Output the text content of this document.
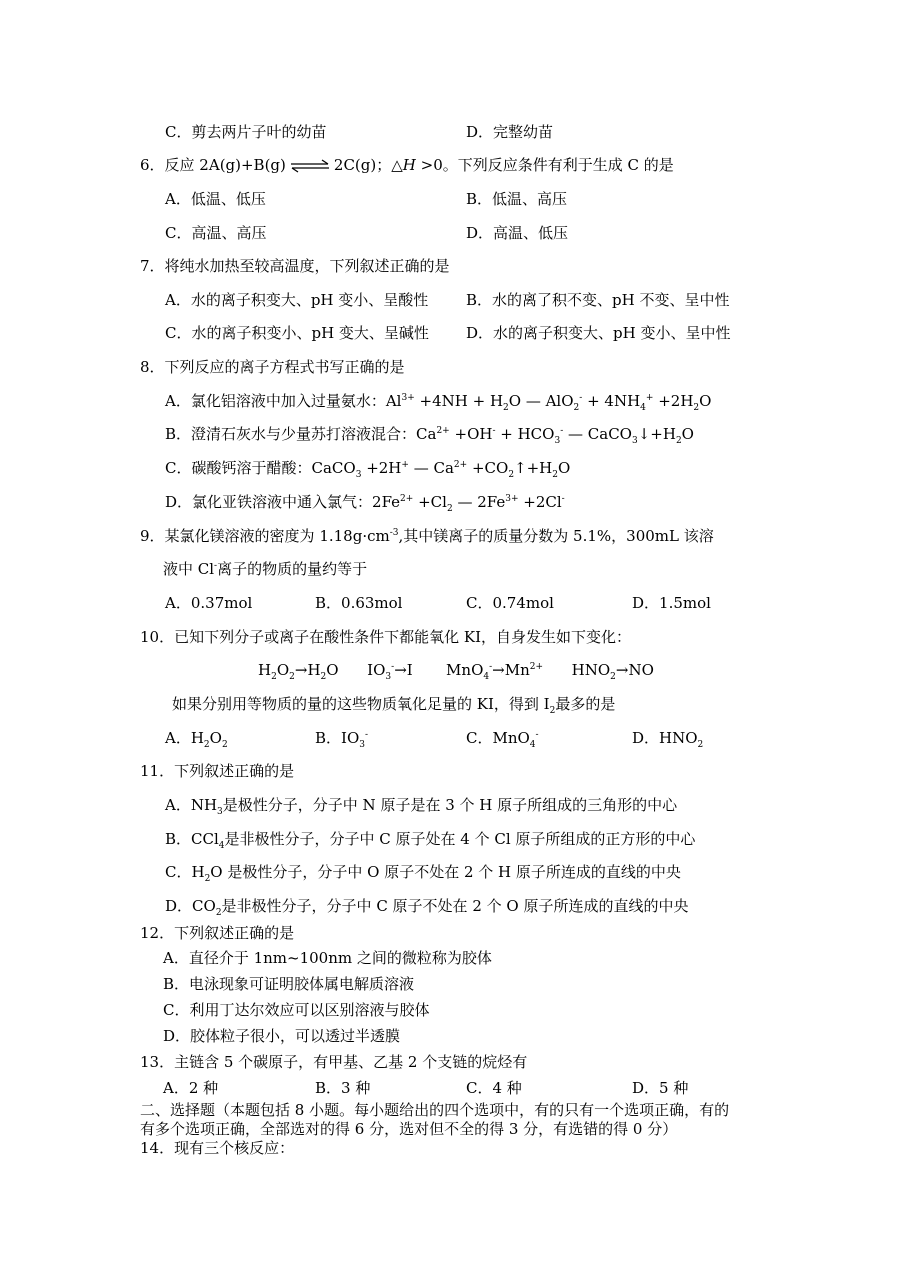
C．剪去两片子叶的幼苗	D．完整幼苗
6．反应 2A(g)+B(g) ⇌ 2C(g)；△H >0。下列反应条件有利于生成 C 的是
A．低温、低压	B．低温、高压
C．高温、高压	D．高温、低压
7．将纯水加热至较高温度，下列叙述正确的是
A．水的离子积变大、pH 变小、呈酸性	B．水的离了积不变、pH 不变、呈中性
C．水的离子积变小、pH 变大、呈碱性 D．水的离子积变大、pH 变小、呈中性
8．下列反应的离子方程式书写正确的是
A．氯化铝溶液中加入过量氨水：$Al^{3+} +4NH + H_2O$ — $AlO_2^- + 4NH_4^+ +2H_2O$
B．澄清石灰水与少量苏打溶液混合：$Ca^{2+} +OH^- + HCO_3^-$ — $CaCO_3↓+H_2O$
C．碳酸钙溶于醋酸：CaCO$_3$ +2H+ — $Ca^{2+}$ $+CO_2↑+H_2O$
D．氯化亚铁溶液中通入氯气：$2Fe^{2+} +Cl_2$ — $2Fe^{3+} +2Cl^-$
9．某氯化镁溶液的密度为 $1.18g\cdot cm^{-3}$,其中镁离子的质量分数为 5.1%，300mL 该溶
液中 Cl-离子的物质的量约等于
A．0.37mol	B．0.63mol	C．0.74mol	D．1.5mol
10．已知下列分子或离子在酸性条件下都能氧化 KI，自身发生如下变化：
$H_2O_2\to H_2O$      $IO_3^-\to I$       $MnO_4^-\to Mn^{2+}$      $HNO_2\to NO$
如果分别用等物质的量的这些物质氧化足量的 KI，得到 $I_2$最多的是
A．$H_2O_2$	B．$IO_3^-$	C．MnO$_4$-	D．$HNO_2$
11．下列叙述正确的是
A．$NH_3$是极性分子，分子中 N 原子是在 3 个 H 原子所组成的三角形的中心
B．CCl$_4$是非极性分子，分子中 C 原子处在 4 个 Cl 原子所组成的正方形的中心
C．$H_2O$ 是极性分子，分子中 O 原子不处在 2 个 H 原子所连成的直线的中央
D．$CO_2$是非极性分子，分子中 C 原子不处在 2 个 O 原子所连成的直线的中央
12．下列叙述正确的是
A．直径介于 1nm~100nm 之间的微粒称为胶体
B．电泳现象可证明胶体属电解质溶液
C．利用丁达尔效应可以区别溶液与胶体
D．胶体粒子很小，可以透过半透膜
13．主链含 5 个碳原子，有甲基、乙基 2 个支链的烷烃有
A．2 种	B．3 种	C．4 种	D．5 种
二、选择题（本题包括 8 小题。每小题给出的四个选项中，有的只有一个选项正确，有的
有多个选项正确，全部选对的得 6 分，选对但不全的得 3 分，有选错的得 0 分）
14．现有三个核反应：
